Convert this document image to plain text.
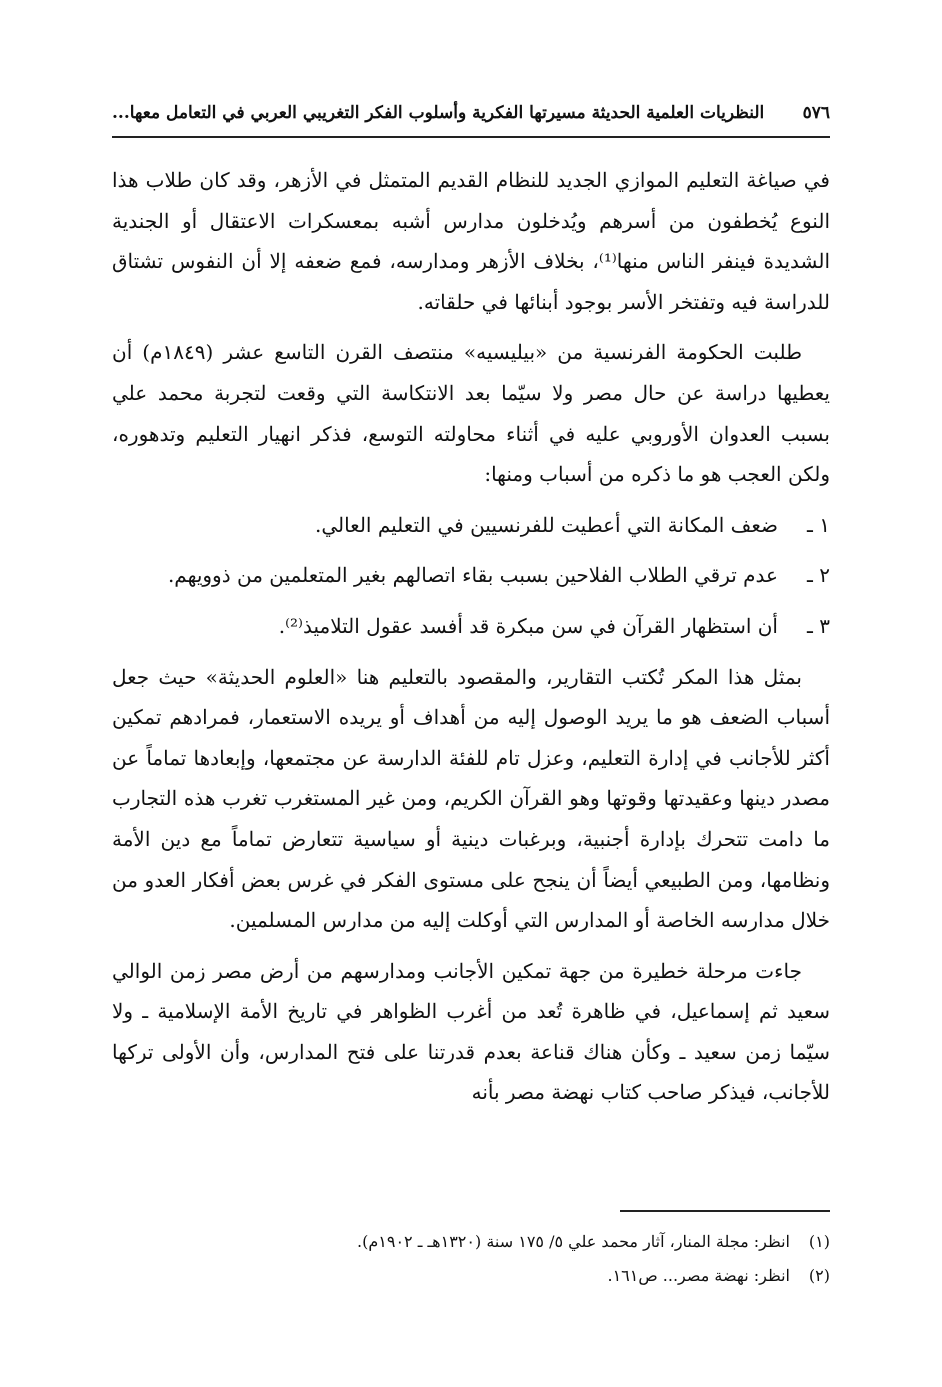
٥٧٦
النظريات العلمية الحديثة مسيرتها الفكرية وأسلوب الفكر التغريبي العربي في التعامل معها...

في صياغة التعليم الموازي الجديد للنظام القديم المتمثل في الأزهر، وقد كان طلاب هذا النوع يُخطفون من أسرهم ويُدخلون مدارس أشبه بمعسكرات الاعتقال أو الجندية الشديدة فينفر الناس منها⁽¹⁾، بخلاف الأزهر ومدارسه، فمع ضعفه إلا أن النفوس تشتاق للدراسة فيه وتفتخر الأسر بوجود أبنائها في حلقاته.

طلبت الحكومة الفرنسية من «بيليسيه» منتصف القرن التاسع عشر (١٨٤٩م) أن يعطيها دراسة عن حال مصر ولا سيّما بعد الانتكاسة التي وقعت لتجربة محمد علي بسبب العدوان الأوروبي عليه في أثناء محاولته التوسع، فذكر انهيار التعليم وتدهوره، ولكن العجب هو ما ذكره من أسباب ومنها:

١ ـ
ضعف المكانة التي أعطيت للفرنسيين في التعليم العالي.
٢ ـ
عدم ترقي الطلاب الفلاحين بسبب بقاء اتصالهم بغير المتعلمين من ذوويهم.
٣ ـ
أن استظهار القرآن في سن مبكرة قد أفسد عقول التلاميذ⁽²⁾.

بمثل هذا المكر تُكتب التقارير، والمقصود بالتعليم هنا «العلوم الحديثة» حيث جعل أسباب الضعف هو ما يريد الوصول إليه من أهداف أو يريده الاستعمار، فمرادهم تمكين أكثر للأجانب في إدارة التعليم، وعزل تام للفئة الدارسة عن مجتمعها، وإبعادها تماماً عن مصدر دينها وعقيدتها وقوتها وهو القرآن الكريم، ومن غير المستغرب تغرب هذه التجارب ما دامت تتحرك بإدارة أجنبية، وبرغبات دينية أو سياسية تتعارض تماماً مع دين الأمة ونظامها، ومن الطبيعي أيضاً أن ينجح على مستوى الفكر في غرس بعض أفكار العدو من خلال مدارسه الخاصة أو المدارس التي أوكلت إليه من مدارس المسلمين.

جاءت مرحلة خطيرة من جهة تمكين الأجانب ومدارسهم من أرض مصر زمن الوالي سعيد ثم إسماعيل، في ظاهرة تُعد من أغرب الظواهر في تاريخ الأمة الإسلامية ـ ولا سيّما زمن سعيد ـ وكأن هناك قناعة بعدم قدرتنا على فتح المدارس، وأن الأولى تركها للأجانب، فيذكر صاحب كتاب نهضة مصر بأنه

(١)
انظر: مجلة المنار، آثار محمد علي ٥/ ١٧٥ سنة (١٣٢٠هـ ـ ١٩٠٢م).
(٢)
انظر: نهضة مصر... ص١٦١.
